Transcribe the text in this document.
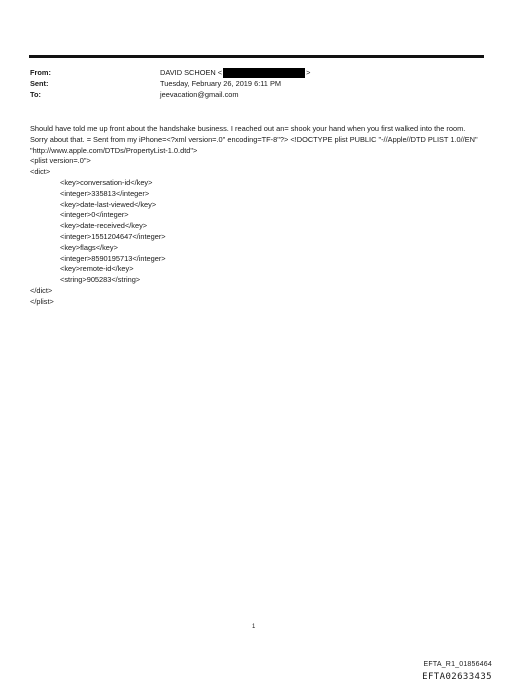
From:	DAVID SCHOEN <	>
Sent:	Tuesday, February 26, 2019 6:11 PM
To:	jeevacation@gmail.com

Should have told me up front about the handshake business. I reached out an= shook your hand when you first walked into the room. Sorry about that. = Sent from my iPhone=<?xml version=.0" encoding=TF-8"?> <!DOCTYPE plist PUBLIC "-//Apple//DTD PLIST 1.0//EN" "http://www.apple.com/DTDs/PropertyList-1.0.dtd">

<plist version=.0">

<dict>

<key>conversation-id</key>

<integer>335813</integer>

<key>date-last-viewed</key>

<integer>0</integer>

<key>date-received</key>

<integer>1551204647</integer>

<key>flags</key>

<integer>8590195713</integer>

<key>remote-id</key>

<string>905283</string>

</dict>

</plist>

1
EFTA_R1_01856464
EFTA02633435
